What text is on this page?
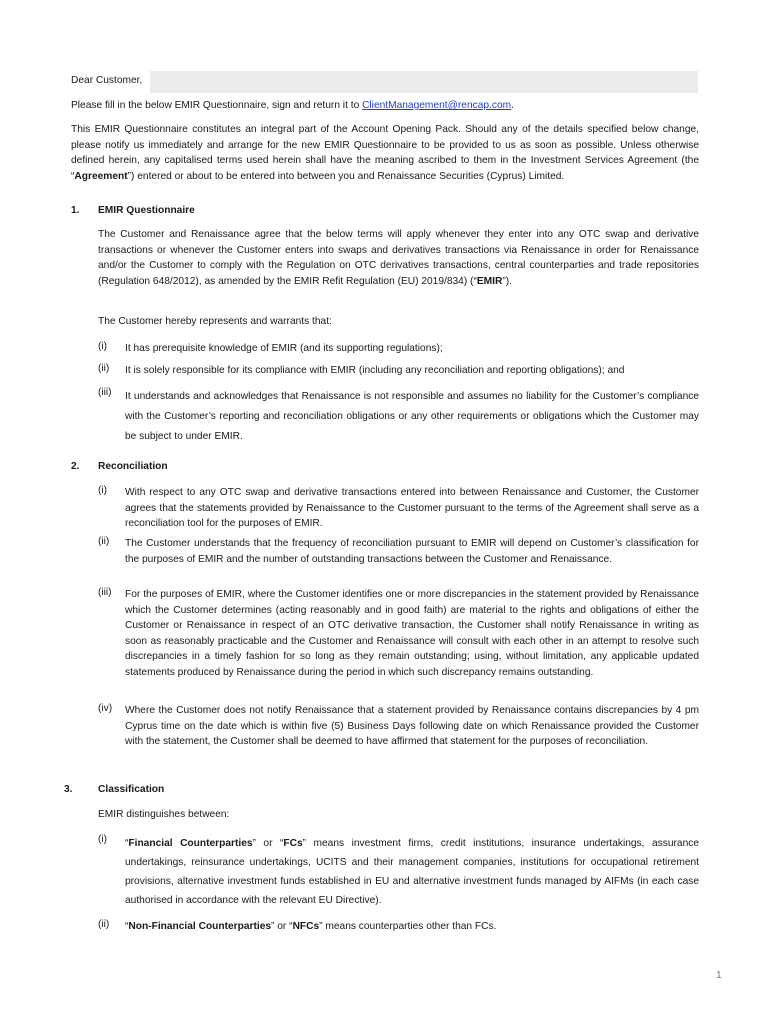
Dear Customer,
Please fill in the below EMIR Questionnaire, sign and return it to ClientManagement@rencap.com.
This EMIR Questionnaire constitutes an integral part of the Account Opening Pack. Should any of the details specified below change, please notify us immediately and arrange for the new EMIR Questionnaire to be provided to us as soon as possible. Unless otherwise defined herein, any capitalised terms used herein shall have the meaning ascribed to them in the Investment Services Agreement (the “Agreement”) entered or about to be entered into between you and Renaissance Securities (Cyprus) Limited.
1. EMIR Questionnaire
The Customer and Renaissance agree that the below terms will apply whenever they enter into any OTC swap and derivative transactions or whenever the Customer enters into swaps and derivatives transactions via Renaissance in order for Renaissance and/or the Customer to comply with the Regulation on OTC derivatives transactions, central counterparties and trade repositories (Regulation 648/2012), as amended by the EMIR Refit Regulation (EU) 2019/834) (“EMIR”).
The Customer hereby represents and warrants that:
(i) It has prerequisite knowledge of EMIR (and its supporting regulations);
(ii) It is solely responsible for its compliance with EMIR (including any reconciliation and reporting obligations); and
(iii) It understands and acknowledges that Renaissance is not responsible and assumes no liability for the Customer’s compliance with the Customer’s reporting and reconciliation obligations or any other requirements or obligations which the Customer may be subject to under EMIR.
2. Reconciliation
(i) With respect to any OTC swap and derivative transactions entered into between Renaissance and Customer, the Customer agrees that the statements provided by Renaissance to the Customer pursuant to the terms of the Agreement shall serve as a reconciliation tool for the purposes of EMIR.
(ii) The Customer understands that the frequency of reconciliation pursuant to EMIR will depend on Customer’s classification for the purposes of EMIR and the number of outstanding transactions between the Customer and Renaissance.
(iii) For the purposes of EMIR, where the Customer identifies one or more discrepancies in the statement provided by Renaissance which the Customer determines (acting reasonably and in good faith) are material to the rights and obligations of either the Customer or Renaissance in respect of an OTC derivative transaction, the Customer shall notify Renaissance in writing as soon as reasonably practicable and the Customer and Renaissance will consult with each other in an attempt to resolve such discrepancies in a timely fashion for so long as they remain outstanding; using, without limitation, any applicable updated statements produced by Renaissance during the period in which such discrepancy remains outstanding.
(iv) Where the Customer does not notify Renaissance that a statement provided by Renaissance contains discrepancies by 4 pm Cyprus time on the date which is within five (5) Business Days following date on which Renaissance provided the Customer with the statement, the Customer shall be deemed to have affirmed that statement for the purposes of reconciliation.
3.	Classification
EMIR distinguishes between:
(i) “Financial Counterparties” or “FCs” means investment firms, credit institutions, insurance undertakings, assurance undertakings, reinsurance undertakings, UCITS and their management companies, institutions for occupational retirement provisions, alternative investment funds established in EU and alternative investment funds managed by AIFMs (in each case authorised in accordance with the relevant EU Directive).
(ii) “Non-Financial Counterparties” or “NFCs” means counterparties other than FCs.
1
